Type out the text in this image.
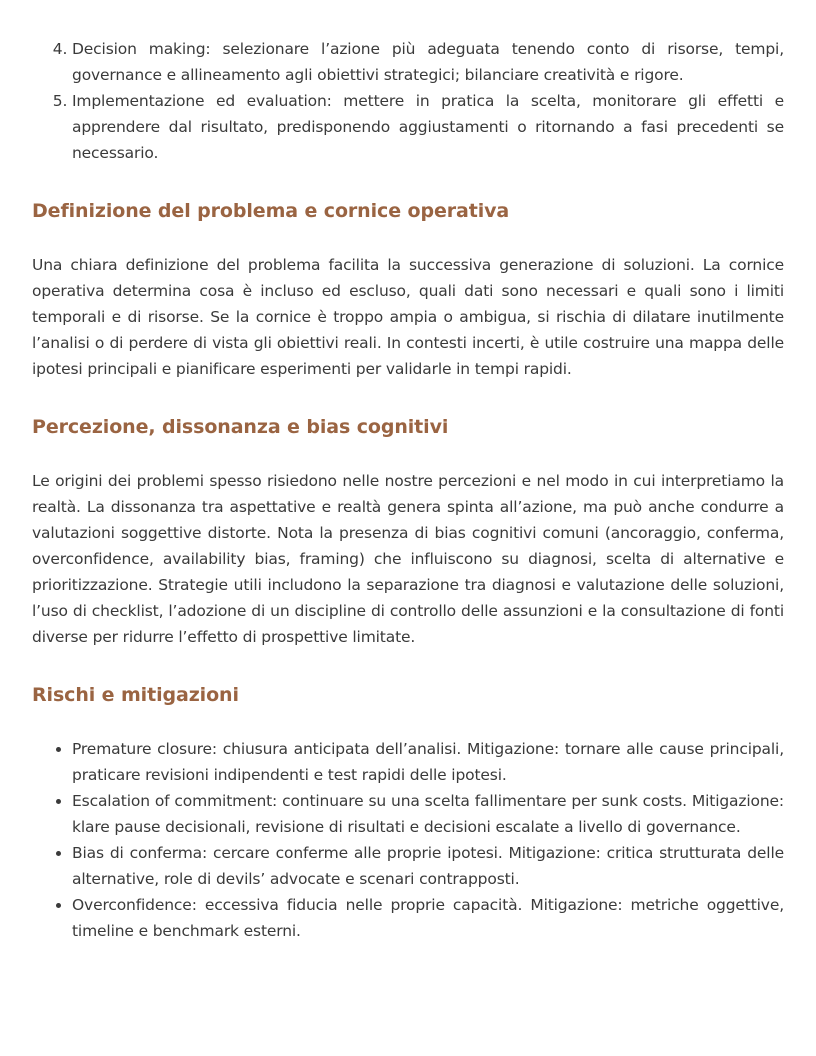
4. Decision making: selezionare l’azione più adeguata tenendo conto di risorse, tempi, governance e allineamento agli obiettivi strategici; bilanciare creatività e rigore.
5. Implementazione ed evaluation: mettere in pratica la scelta, monitorare gli effetti e apprendere dal risultato, predisponendo aggiustamenti o ritornando a fasi precedenti se necessario.
Definizione del problema e cornice operativa

Una chiara definizione del problema facilita la successiva generazione di soluzioni. La cornice operativa determina cosa è incluso ed escluso, quali dati sono necessari e quali sono i limiti temporali e di risorse. Se la cornice è troppo ampia o ambigua, si rischia di dilatare inutilmente l’analisi o di perdere di vista gli obiettivi reali. In contesti incerti, è utile costruire una mappa delle ipotesi principali e pianificare esperimenti per validarle in tempi rapidi.

Percezione, dissonanza e bias cognitivi

Le origini dei problemi spesso risiedono nelle nostre percezioni e nel modo in cui interpretiamo la realtà. La dissonanza tra aspettative e realtà genera spinta all’azione, ma può anche condurre a valutazioni soggettive distorte. Nota la presenza di bias cognitivi comuni (ancoraggio, conferma, overconfidence, availability bias, framing) che influiscono su diagnosi, scelta di alternative e prioritizzazione. Strategie utili includono la separazione tra diagnosi e valutazione delle soluzioni, l’uso di checklist, l’adozione di un discipline di controllo delle assunzioni e la consultazione di fonti diverse per ridurre l’effetto di prospettive limitate.

Rischi e mitigazioni
• Premature closure: chiusura anticipata dell’analisi. Mitigazione: tornare alle cause principali, praticare revisioni indipendenti e test rapidi delle ipotesi.
• Escalation of commitment: continuare su una scelta fallimentare per sunk costs. Mitigazione: klare pause decisionali, revisione di risultati e decisioni escalate a livello di governance.
• Bias di conferma: cercare conferme alle proprie ipotesi. Mitigazione: critica strutturata delle alternative, role di devils’ advocate e scenari contrapposti.
• Overconfidence: eccessiva fiducia nelle proprie capacità. Mitigazione: metriche oggettive, timeline e benchmark esterni.
